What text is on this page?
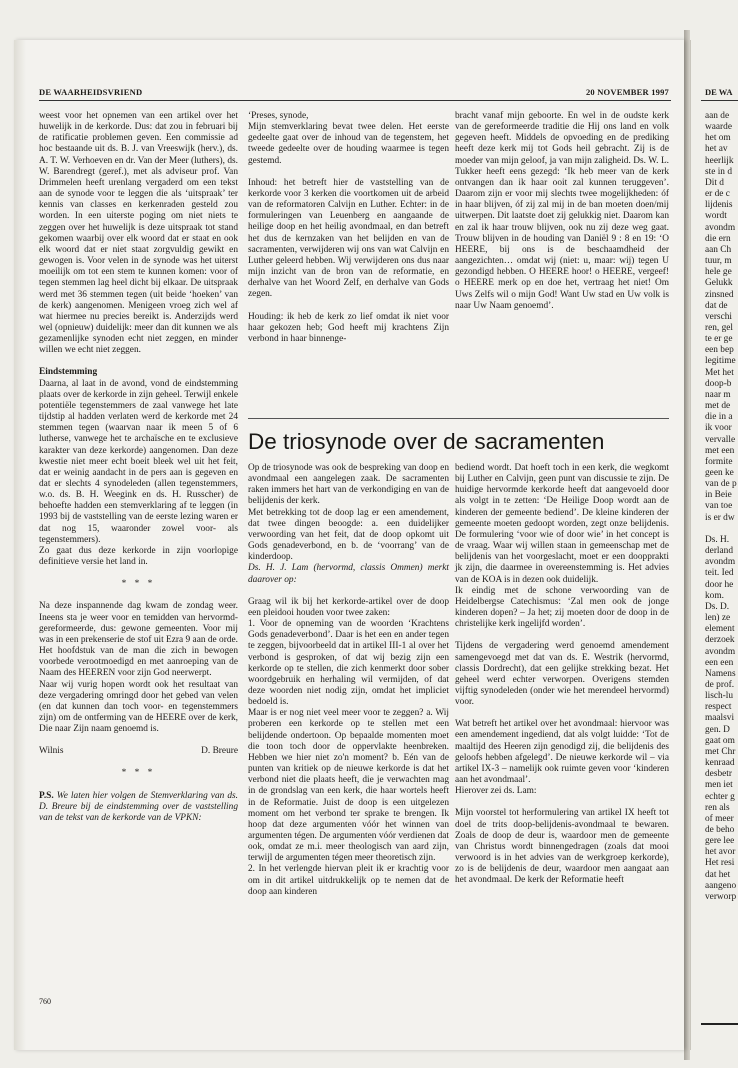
DE WAARHEIDSVRIEND	20 NOVEMBER 1997

weest voor het opnemen van een artikel over het huwelijk in de kerkorde. Dus: dat zou in februari bij de ratificatie problemen geven. Een commissie ad hoc bestaande uit ds. B. J. van Vreeswijk (herv.), ds. A. T. W. Verhoeven en dr. Van der Meer (luthers), ds. W. Barendregt (geref.), met als adviseur prof. Van Drimmelen heeft urenlang vergaderd om een tekst aan de synode voor te leggen die als ‘uitspraak’ ter kennis van classes en kerkenraden gesteld zou worden. In een uiterste poging om niet niets te zeggen over het huwelijk is deze uitspraak tot stand gekomen waarbij over elk woord dat er staat en ook elk woord dat er niet staat zorgvuldig gewikt en gewogen is. Voor velen in de synode was het uiterst moeilijk om tot een stem te kunnen komen: voor of tegen stemmen lag heel dicht bij elkaar. De uitspraak werd met 36 stemmen tegen (uit beide ‘hoeken’ van de kerk) aangenomen. Menigeen vroeg zich wel af wat hiermee nu precies bereikt is. Anderzijds werd wel (opnieuw) duidelijk: meer dan dit kunnen we als gezamenlijke synoden echt niet zeggen, en minder willen we echt niet zeggen.

Eindstemming

Daarna, al laat in de avond, vond de eindstemming plaats over de kerkorde in zijn geheel. Terwijl enkele potentiële tegenstemmers de zaal vanwege het late tijdstip al hadden verlaten werd de kerkorde met 24 stemmen tegen (waarvan naar ik meen 5 of 6 lutherse, vanwege het te archaïsche en te exclusieve karakter van deze kerkorde) aangenomen. Dan deze kwestie niet meer echt boeit bleek wel uit het feit, dat er weinig aandacht in de pers aan is gegeven en dat er slechts 4 synodeleden (allen tegenstemmers, w.o. ds. B. H. Weegink en ds. H. Russcher) de behoefte hadden een stemverklaring af te leggen (in 1993 bij de vaststelling van de eerste lezing waren er dat nog 15, waaronder zowel voor- als tegenstemmers).

Zo gaat dus deze kerkorde in zijn voorlopige definitieve versie het land in.

* * *

Na deze inspannende dag kwam de zondag weer. Ineens sta je weer voor en temidden van hervormd-gereformeerde, dus: gewone gemeenten. Voor mij was in een prekenserie de stof uit Ezra 9 aan de orde. Het hoofdstuk van de man die zich in bewogen voorbede verootmoedigd en met aanroeping van de Naam des HEEREN voor zijn God neerwerpt.

Naar wij vurig hopen wordt ook het resultaat van deze vergadering omringd door het gebed van velen (en dat kunnen dan toch voor- en tegenstemmers zijn) om de ontferming van de HEERE over de kerk, Die naar Zijn naam genoemd is.

Wilnis	D. Breure

* * *

P.S. We laten hier volgen de Stemverklaring van ds. D. Breure bij de eindstemming over de vaststelling van de tekst van de kerkorde van de VPKN:

‘Preses, synode,

Mijn stemverklaring bevat twee delen. Het eerste gedeelte gaat over de inhoud van de tegenstem, het tweede gedeelte over de houding waarmee is tegen gestemd.

Inhoud: het betreft hier de vaststelling van de kerkorde voor 3 kerken die voortkomen uit de arbeid van de reformatoren Calvijn en Luther. Echter: in de formuleringen van Leuenberg en aangaande de heilige doop en het heilig avondmaal, en dan betreft het dus de kernzaken van het belijden en van de sacramenten, verwijderen wij ons van wat Calvijn en Luther geleerd hebben. Wij verwijderen ons dus naar mijn inzicht van de bron van de reformatie, en derhalve van het Woord Zelf, en derhalve van Gods zegen.

Houding: ik heb de kerk zo lief omdat ik niet voor haar gekozen heb; God heeft mij krachtens Zijn verbond in haar binnenge-

bracht vanaf mijn geboorte. En wel in de oudste kerk van de gereformeerde traditie die Hij ons land en volk gegeven heeft. Middels de opvoeding en de prediking heeft deze kerk mij tot Gods heil gebracht. Zij is de moeder van mijn geloof, ja van mijn zaligheid. Ds. W. L. Tukker heeft eens gezegd: ‘Ik heb meer van de kerk ontvangen dan ik haar ooit zal kunnen teruggeven’. Daarom zijn er voor mij slechts twee mogelijkheden: óf in haar blijven, óf zij zal mij in de ban moeten doen/mij uitwerpen. Dit laatste doet zij gelukkig niet. Daarom kan en zal ik haar trouw blijven, ook nu zij deze weg gaat. Trouw blijven in de houding van Daniël 9 : 8 en 19: ‘O HEERE, bij ons is de beschaamdheid der aangezichten… omdat wij (niet: u, maar: wij) tegen U gezondigd hebben. O HEERE hoor! o HEERE, vergeef! o HEERE merk op en doe het, vertraag het niet! Om Uws Zelfs wil o mijn God! Want Uw stad en Uw volk is naar Uw Naam genoemd’.

De triosynode over de sacramenten

Op de triosynode was ook de bespreking van doop en avondmaal een aangelegen zaak. De sacramenten raken immers het hart van de verkondiging en van de belijdenis der kerk.

Met betrekking tot de doop lag er een amendement, dat twee dingen beoogde: a. een duidelijker verwoording van het feit, dat de doop opkomt uit Gods genadeverbond, en b. de ‘voorrang’ van de kinderdoop.

Ds. H. J. Lam (hervormd, classis Ommen) merkt daarover op:

Graag wil ik bij het kerkorde-artikel over de doop een pleidooi houden voor twee zaken:

1. Voor de opneming van de woorden ‘Krachtens Gods genadeverbond’. Daar is het een en ander tegen te zeggen, bijvoorbeeld dat in artikel III-1 al over het verbond is gesproken, of dat wij bezig zijn een kerkorde op te stellen, die zich kenmerkt door sober woordgebruik en herhaling wil vermijden, of dat deze woorden niet nodig zijn, omdat het impliciet bedoeld is.

Maar is er nog niet veel meer voor te zeggen? a. Wij proberen een kerkorde op te stellen met een belijdende ondertoon. Op bepaalde momenten moet die toon toch door de oppervlakte heenbreken. Hebben we hier niet zo'n moment? b. Eén van de punten van kritiek op de nieuwe kerkorde is dat het verbond niet die plaats heeft, die je verwachten mag in de grondslag van een kerk, die haar wortels heeft in de Reformatie. Juist de doop is een uitgelezen moment om het verbond ter sprake te brengen. Ik hoop dat deze argumenten vóór het winnen van argumenten tégen. De argumenten vóór verdienen dat ook, omdat ze m.i. meer theologisch van aard zijn, terwijl de argumenten tégen meer theoretisch zijn.

2. In het verlengde hiervan pleit ik er krachtig voor om in dit artikel uitdrukkelijk op te nemen dat de doop aan kinderen

bediend wordt. Dat hoeft toch in een kerk, die wegkomt bij Luther en Calvijn, geen punt van discussie te zijn. De huidige hervormde kerkorde heeft dat aangevoeld door als volgt in te zetten: ‘De Heilige Doop wordt aan de kinderen der gemeente bediend’. De kleine kinderen der gemeente moeten gedoopt worden, zegt onze belijdenis. De formulering ‘voor wie of door wie’ in het concept is de vraag. Waar wij willen staan in gemeenschap met de belijdenis van het voorgeslacht, moet er een doopprakti jk zijn, die daarmee in overeenstemming is. Het advies van de KOA is in dezen ook duidelijk.

Ik eindig met de schone verwoording van de Heidelbergse Catechismus: ‘Zal men ook de jonge kinderen dopen? – Ja het; zij moeten door de doop in de christelijke kerk ingelijfd worden’.

Tijdens de vergadering werd genoemd amendement samengevoegd met dat van ds. E. Westrik (hervormd, classis Dordrecht), dat een gelijke strekking bezat. Het geheel werd echter verworpen. Overigens stemden vijftig synodeleden (onder wie het merendeel hervormd) voor.

Wat betreft het artikel over het avondmaal: hiervoor was een amendement ingediend, dat als volgt luidde: ‘Tot de maaltijd des Heeren zijn genodigd zij, die belijdenis des geloofs hebben afgelegd’. De nieuwe kerkorde wil – via artikel IX-3 – namelijk ook ruimte geven voor ‘kinderen aan het avondmaal’.

Hierover zei ds. Lam:

Mijn voorstel tot herformulering van artikel IX heeft tot doel de trits doop-belijdenis-avondmaal te bewaren. Zoals de doop de deur is, waardoor men de gemeente van Christus wordt binnengedragen (zoals dat mooi verwoord is in het advies van de werkgroep kerkorde), zo is de belijdenis de deur, waardoor men aangaat aan het avondmaal. De kerk der Reformatie heeft

760
DE WA
aan de
waarde
het om
het av
heerlijk
ste in d
Dit d
er de c
lijdenis
wordt
avondm
die ern
aan Ch
tuur, m
hele ge
Gelukk
zinsned
dat de
verschi
ren, gel
te er ge
een bep
legitime
Met het
doop-b
naar m
met de
die in a
ik voor
vervalle
met een
formite
geen ke
van de p
in Beie
van toe
is er dw

Ds. H.
derland
avondm
teit. Ied
door he
kom.
Ds. D.
len) ze
element
derzoek
avondm
een een
Namens
de prof.
lisch-lu
respect
maalsvi
gen. D
gaat om
met Chr
kenraad
desbetr
men iet
echter g
ren als
of meer
de beho
gere lee
het avor
Het resi
dat het
aangeno
verworp
